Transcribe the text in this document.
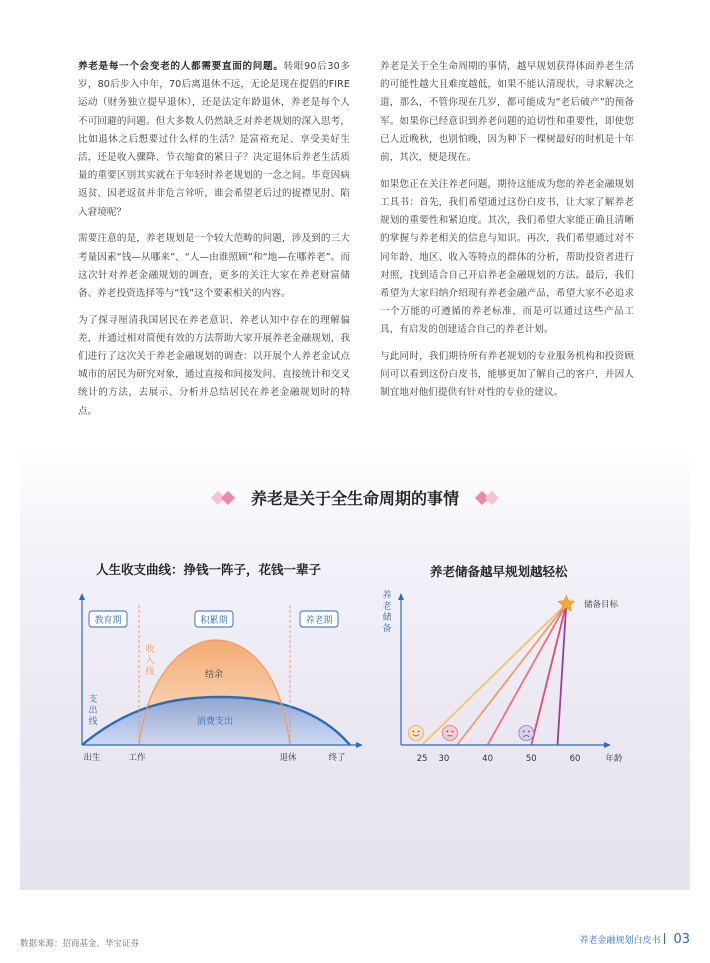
养老是每一个会变老的人都需要直面的问题。转眼90后30多岁，80后步入中年，70后离退休不远，无论是现在提倡的FIRE运动（财务独立提早退休），还是法定年龄退休，养老是每个人不可回避的问题。但大多数人仍然缺乏对养老规划的深入思考，比如退休之后想要过什么样的生活？是富裕充足、享受美好生活，还是收入骤降、节衣缩食的紧日子？决定退休后养老生活质量的重要区别其实就在于年轻时养老规划的一念之间。毕竟因病返贫、因老返贫并非危言耸听，谁会希望老后过的捉襟见肘、陷入窘境呢？

需要注意的是，养老规划是一个较大范畴的问题，涉及到的三大考量因素“钱—从哪来”、“人—由谁照顾”和“地—在哪养老”。而这次针对养老金融规划的调查，更多的关注大家在养老财富储备、养老投资选择等与“钱”这个要素相关的内容。

为了探寻厘清我国居民在养老意识、养老认知中存在的理解偏差，并通过相对简便有效的方法帮助大家开展养老金融规划，我们进行了这次关于养老金融规划的调查：以开展个人养老金试点城市的居民为研究对象，通过直接和间接发问、直接统计和交叉统计的方法，去展示、分析并总结居民在养老金融规划时的特点。

养老是关于全生命周期的事情，越早规划获得体面养老生活的可能性越大且难度越低，如果不能认清现状，寻求解决之道，那么，不管你现在几岁，都可能成为“老后破产”的预备军。如果你已经意识到养老问题的迫切性和重要性，即使您已人近晚秋，也别怕晚，因为种下一棵树最好的时机是十年前，其次，便是现在。

如果您正在关注养老问题，期待这能成为您的养老金融规划工具书：首先，我们希望通过这份白皮书，让大家了解养老规划的重要性和紧迫度。其次，我们希望大家能正确且清晰的掌握与养老相关的信息与知识。再次，我们希望通过对不同年龄、地区、收入等特点的群体的分析，帮助投资者进行对照，找到适合自己开启养老金融规划的方法。最后，我们希望为大家归纳介绍现有养老金融产品，希望大家不必追求一个万能的可遵循的养老标准，而是可以通过这些产品工具，有启发的创建适合自己的养老计划。

与此同时，我们期待所有养老规划的专业服务机构和投资顾问可以看到这份白皮书，能够更加了解自己的客户，并因人制宜地对他们提供有针对性的专业的建议。

养老是关于全生命周期的事情
人生收支曲线：挣钱一阵子，花钱一辈子	养老储备越早规划越轻松
教育期	积累期	养老期
收入线
支出线
结余
消费支出
出生	工作	退休	终了
养老储备
储备目标
25 30	40	50	60	年龄
数据来源：招商基金，华宝证券	养老金融规划白皮书 03
